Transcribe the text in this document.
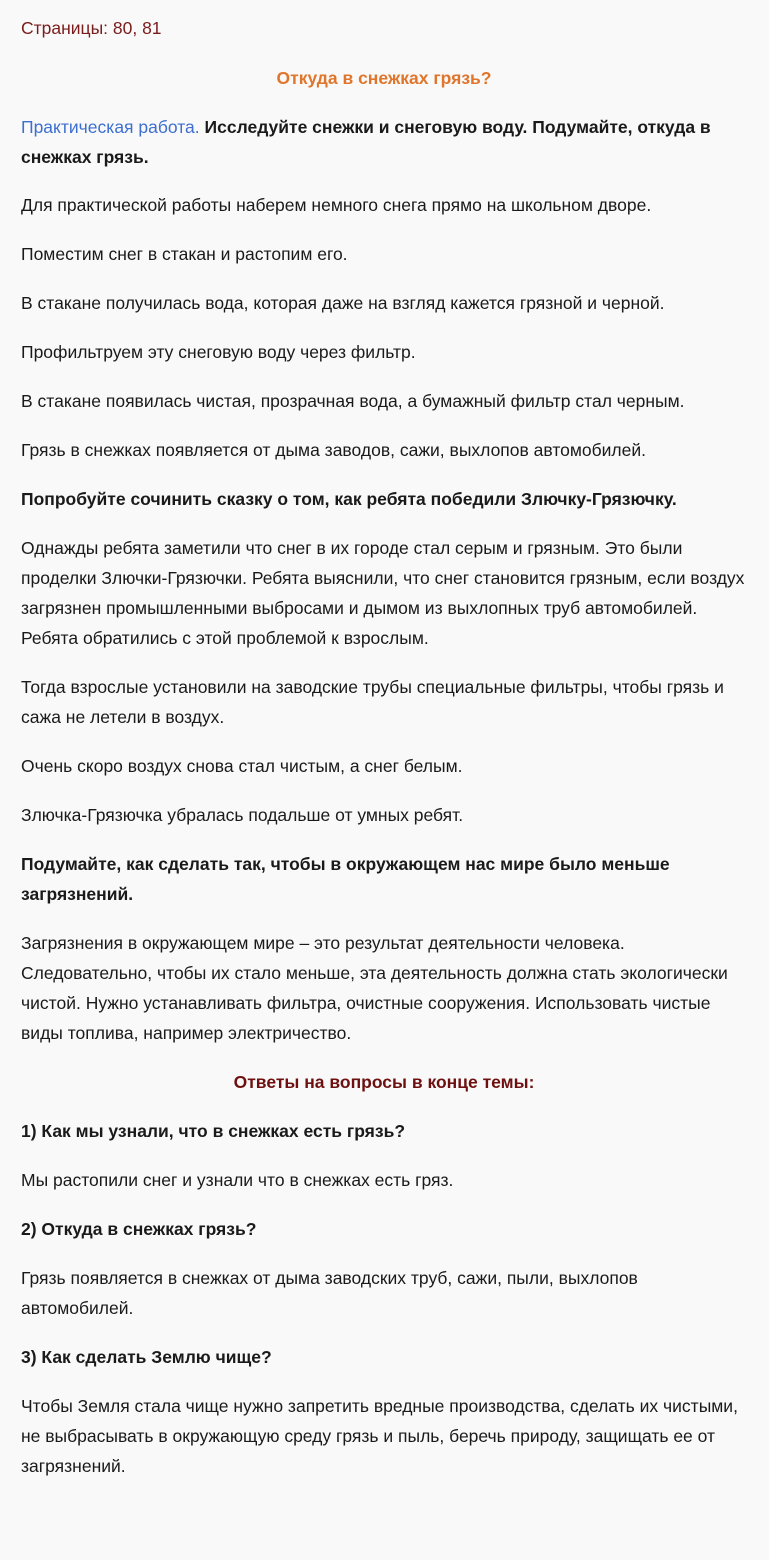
Страницы: 80, 81

Откуда в снежках грязь?

Практическая работа. Исследуйте снежки и снеговую воду. Подумайте, откуда в снежках грязь.

Для практической работы наберем немного снега прямо на школьном дворе.

Поместим снег в стакан и растопим его.

В стакане получилась вода, которая даже на взгляд кажется грязной и черной.

Профильтруем эту снеговую воду через фильтр.

В стакане появилась чистая, прозрачная вода, а бумажный фильтр стал черным.

Грязь в снежках появляется от дыма заводов, сажи, выхлопов автомобилей.

Попробуйте сочинить сказку о том, как ребята победили Злючку-Грязючку.

Однажды ребята заметили что снег в их городе стал серым и грязным. Это были проделки Злючки-Грязючки. Ребята выяснили, что снег становится грязным, если воздух загрязнен промышленными выбросами и дымом из выхлопных труб автомобилей. Ребята обратились с этой проблемой к взрослым.

Тогда взрослые установили на заводские трубы специальные фильтры, чтобы грязь и сажа не летели в воздух.

Очень скоро воздух снова стал чистым, а снег белым.

Злючка-Грязючка убралась подальше от умных ребят.

Подумайте, как сделать так, чтобы в окружающем нас мире было меньше загрязнений.

Загрязнения в окружающем мире – это результат деятельности человека. Следовательно, чтобы их стало меньше, эта деятельность должна стать экологически чистой. Нужно устанавливать фильтра, очистные сооружения. Использовать чистые виды топлива, например электричество.

Ответы на вопросы в конце темы:

1) Как мы узнали, что в снежках есть грязь?

Мы растопили снег и узнали что в снежках есть гряз.

2) Откуда в снежках грязь?

Грязь появляется в снежках от дыма заводских труб, сажи, пыли, выхлопов автомобилей.

3) Как сделать Землю чище?

Чтобы Земля стала чище нужно запретить вредные производства, сделать их чистыми, не выбрасывать в окружающую среду грязь и пыль, беречь природу, защищать ее от загрязнений.
